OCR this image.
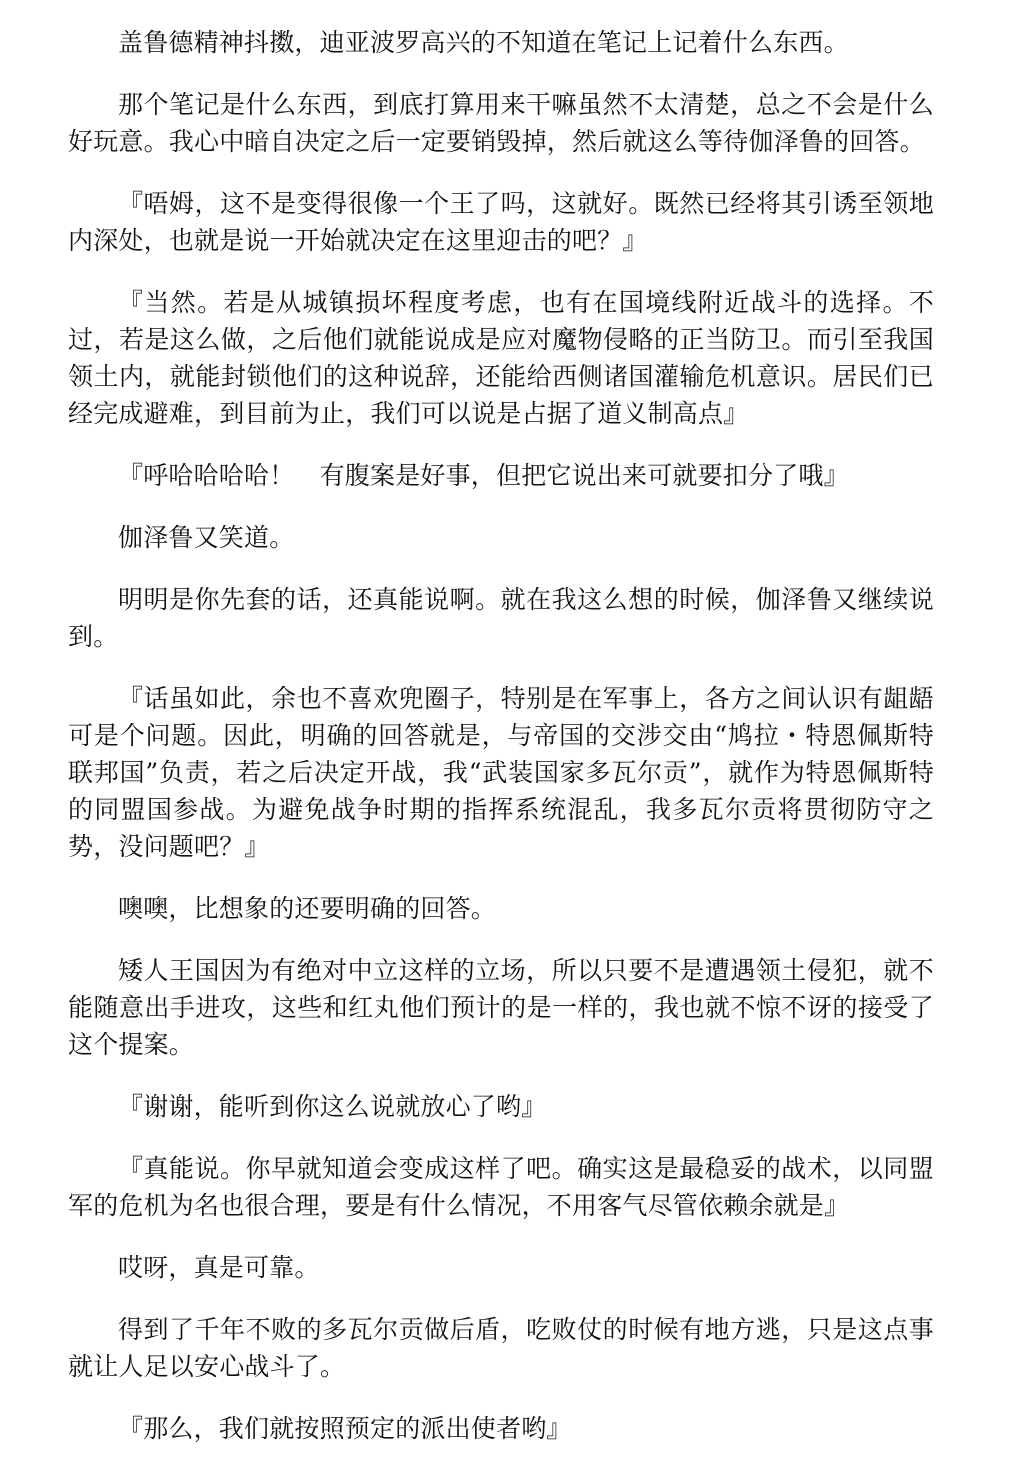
盖鲁德精神抖擞，迪亚波罗高兴的不知道在笔记上记着什么东西。

那个笔记是什么东西，到底打算用来干嘛虽然不太清楚，总之不会是什么好玩意。我心中暗自决定之后一定要销毁掉，然后就这么等待伽泽鲁的回答。

『唔姆，这不是变得很像一个王了吗，这就好。既然已经将其引诱至领地内深处，也就是说一开始就决定在这里迎击的吧？』

『当然。若是从城镇损坏程度考虑，也有在国境线附近战斗的选择。不过，若是这么做，之后他们就能说成是应对魔物侵略的正当防卫。而引至我国领土内，就能封锁他们的这种说辞，还能给西侧诸国灌输危机意识。居民们已经完成避难，到目前为止，我们可以说是占据了道义制高点』

『呼哈哈哈哈！　有腹案是好事，但把它说出来可就要扣分了哦』

伽泽鲁又笑道。

明明是你先套的话，还真能说啊。就在我这么想的时候，伽泽鲁又继续说到。

『话虽如此，余也不喜欢兜圈子，特别是在军事上，各方之间认识有龃龉可是个问题。因此，明确的回答就是，与帝国的交涉交由“鸠拉・特恩佩斯特联邦国”负责，若之后决定开战，我“武装国家多瓦尔贡”，就作为特恩佩斯特的同盟国参战。为避免战争时期的指挥系统混乱，我多瓦尔贡将贯彻防守之势，没问题吧？』

噢噢，比想象的还要明确的回答。

矮人王国因为有绝对中立这样的立场，所以只要不是遭遇领土侵犯，就不能随意出手进攻，这些和红丸他们预计的是一样的，我也就不惊不讶的接受了这个提案。

『谢谢，能听到你这么说就放心了哟』

『真能说。你早就知道会变成这样了吧。确实这是最稳妥的战术，以同盟军的危机为名也很合理，要是有什么情况，不用客气尽管依赖余就是』

哎呀，真是可靠。

得到了千年不败的多瓦尔贡做后盾，吃败仗的时候有地方逃，只是这点事就让人足以安心战斗了。

『那么，我们就按照预定的派出使者哟』
